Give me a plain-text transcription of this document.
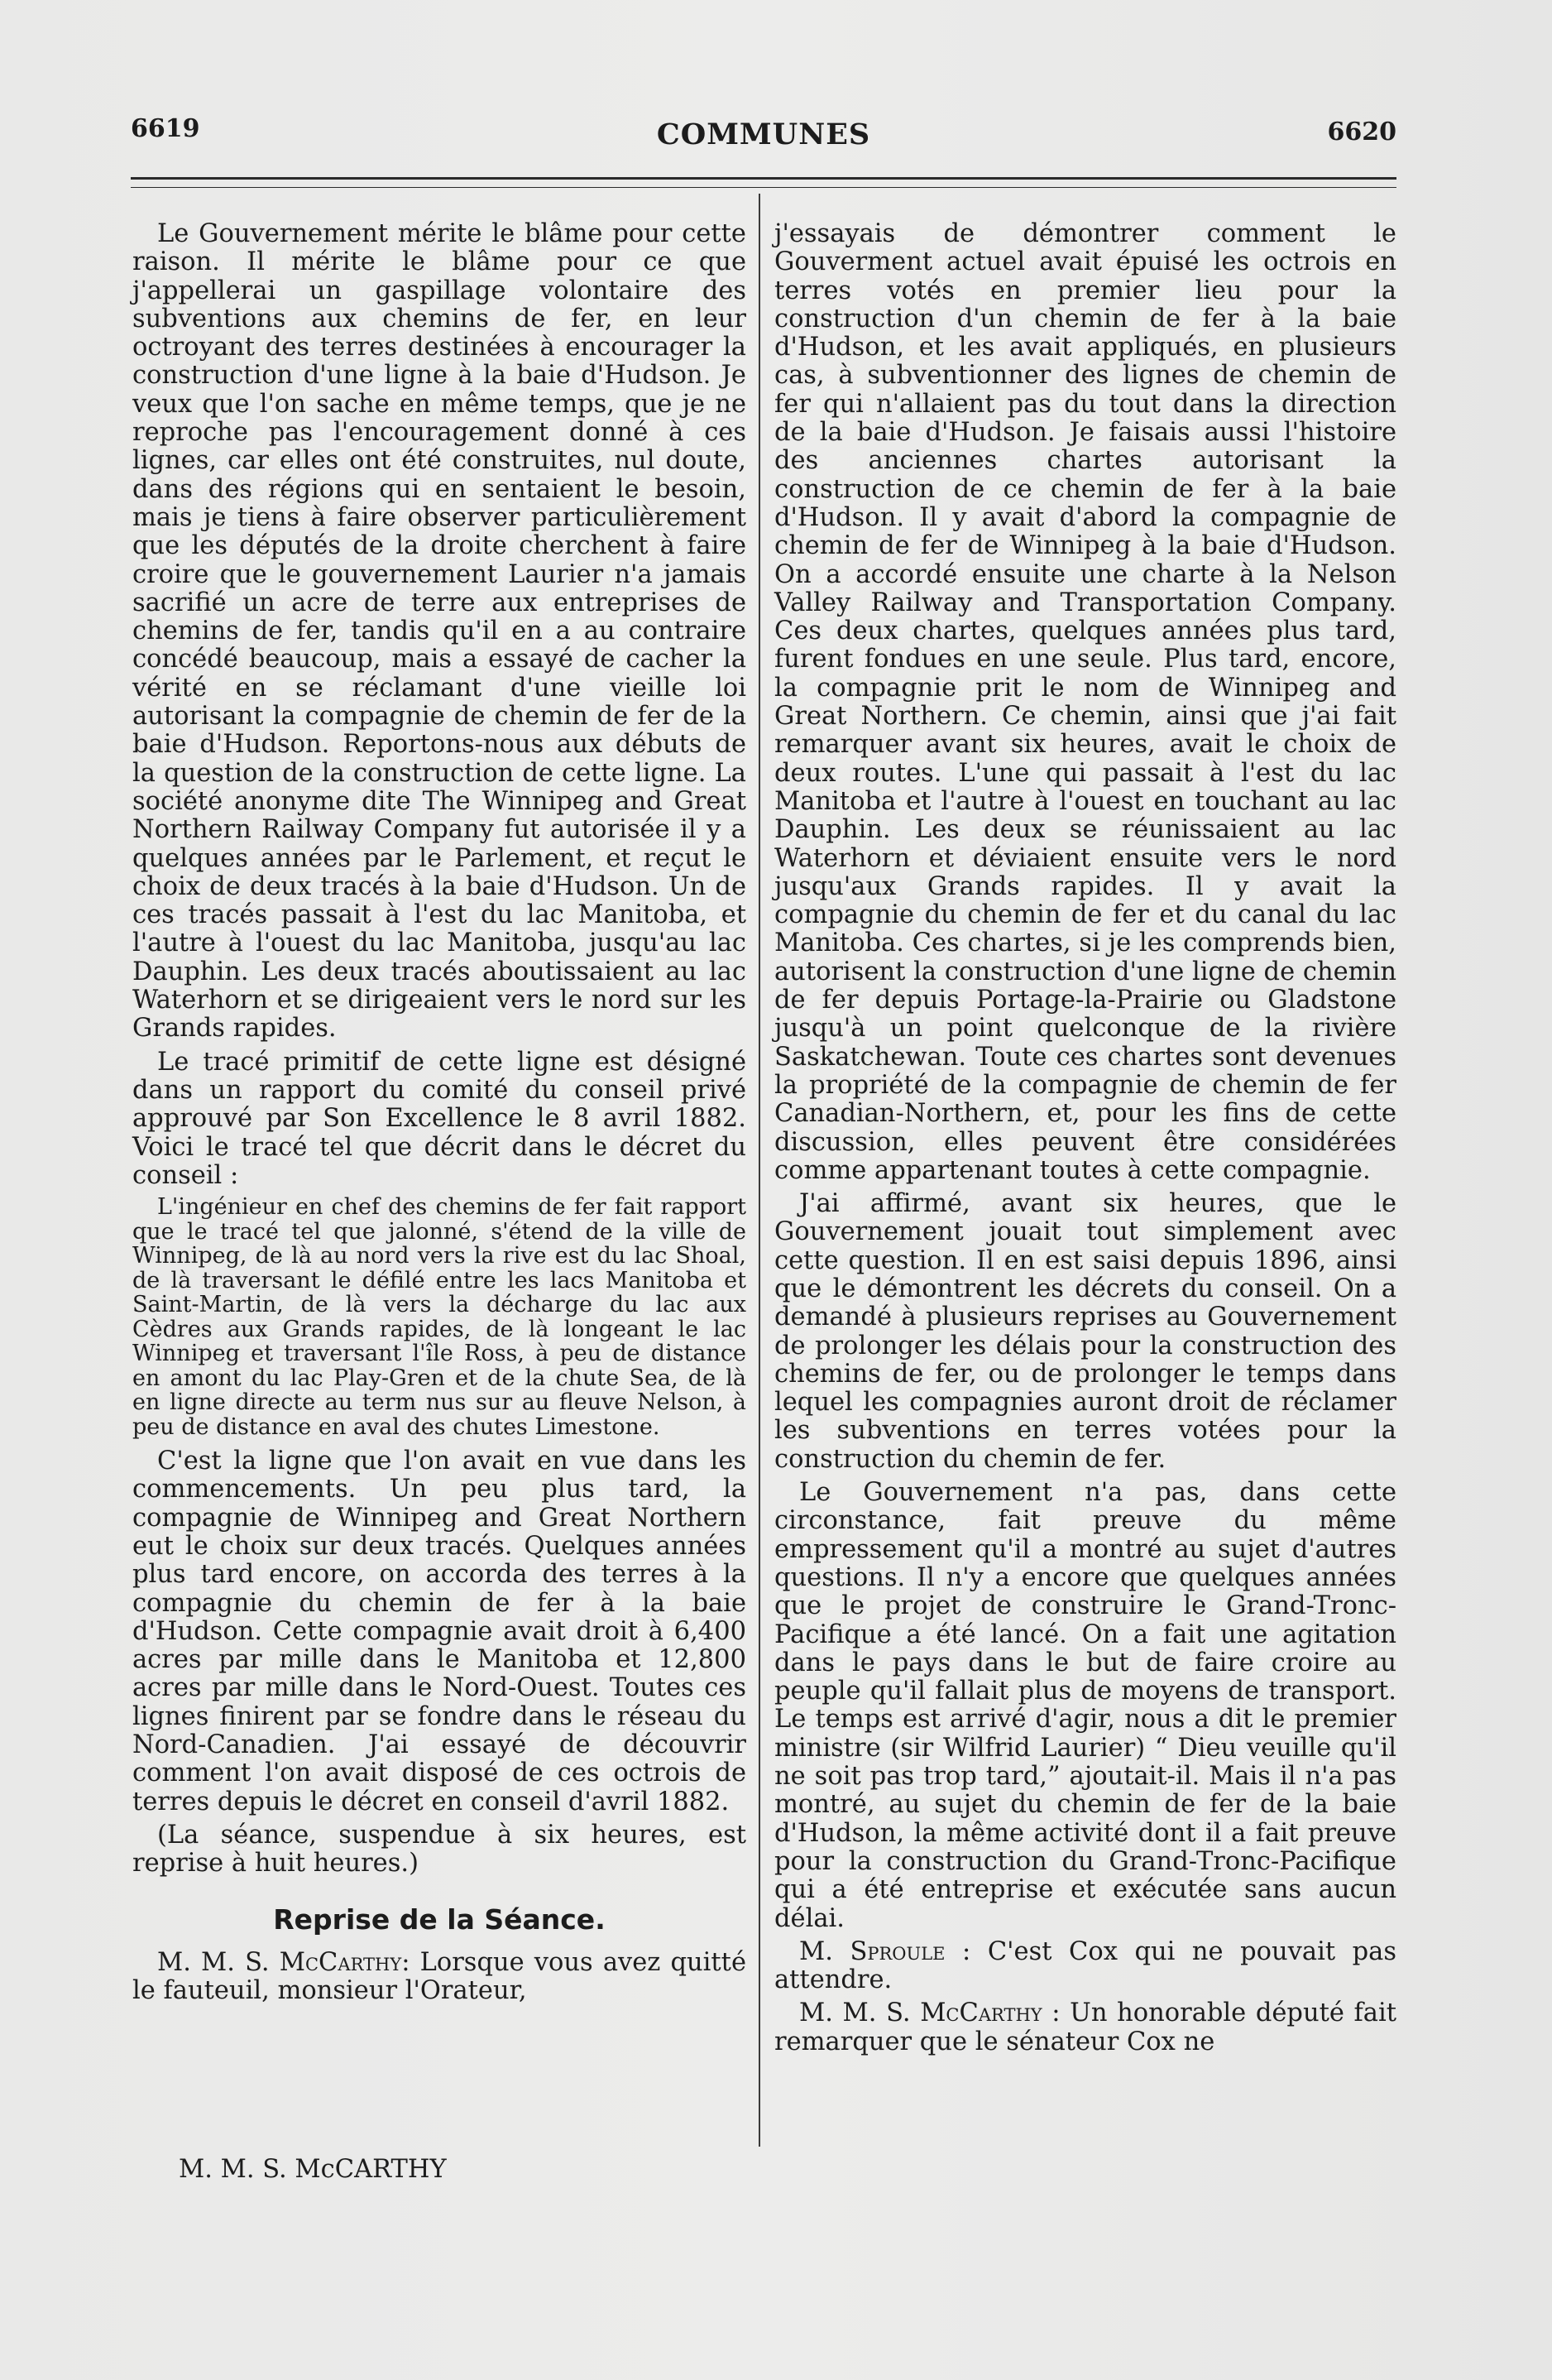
6619	COMMUNES	6620

Le Gouvernement mérite le blâme pour cette raison. Il mérite le blâme pour ce que j'appellerai un gaspillage volontaire des subventions aux chemins de fer, en leur octroyant des terres destinées à encourager la construction d'une ligne à la baie d'Hudson. Je veux que l'on sache en même temps, que je ne reproche pas l'encouragement donné à ces lignes, car elles ont été construites, nul doute, dans des régions qui en sentaient le besoin, mais je tiens à faire observer particulièrement que les députés de la droite cherchent à faire croire que le gouvernement Laurier n'a jamais sacrifié un acre de terre aux entreprises de chemins de fer, tandis qu'il en a au contraire concédé beaucoup, mais a essayé de cacher la vérité en se réclamant d'une vieille loi autorisant la compagnie de chemin de fer de la baie d'Hudson. Reportons-nous aux débuts de la question de la construction de cette ligne. La société anonyme dite The Winnipeg and Great Northern Railway Company fut autorisée il y a quelques années par le Parlement, et reçut le choix de deux tracés à la baie d'Hudson. Un de ces tracés passait à l'est du lac Manitoba, et l'autre à l'ouest du lac Manitoba, jusqu'au lac Dauphin. Les deux tracés aboutissaient au lac Waterhorn et se dirigeaient vers le nord sur les Grands rapides.

Le tracé primitif de cette ligne est désigné dans un rapport du comité du conseil privé approuvé par Son Excellence le 8 avril 1882. Voici le tracé tel que décrit dans le décret du conseil :

L'ingénieur en chef des chemins de fer fait rapport que le tracé tel que jalonné, s'étend de la ville de Winnipeg, de là au nord vers la rive est du lac Shoal, de là traversant le défilé entre les lacs Manitoba et Saint-Martin, de là vers la décharge du lac aux Cèdres aux Grands rapides, de là longeant le lac Winnipeg et traversant l'île Ross, à peu de distance en amont du lac Play-Gren et de la chute Sea, de là en ligne directe au term nus sur au fleuve Nelson, à peu de distance en aval des chutes Limestone.

C'est la ligne que l'on avait en vue dans les commencements. Un peu plus tard, la compagnie de Winnipeg and Great Northern eut le choix sur deux tracés. Quelques années plus tard encore, on accorda des terres à la compagnie du chemin de fer à la baie d'Hudson. Cette compagnie avait droit à 6,400 acres par mille dans le Manitoba et 12,800 acres par mille dans le Nord-Ouest. Toutes ces lignes finirent par se fondre dans le réseau du Nord-Canadien. J'ai essayé de découvrir comment l'on avait disposé de ces octrois de terres depuis le décret en conseil d'avril 1882.

(La séance, suspendue à six heures, est reprise à huit heures.)

Reprise de la Séance.

M. M. S. McCarthy: Lorsque vous avez quitté le fauteuil, monsieur l'Orateur,

M. M. S. McCARTHY

j'essayais de démontrer comment le Gouverment actuel avait épuisé les octrois en terres votés en premier lieu pour la construction d'un chemin de fer à la baie d'Hudson, et les avait appliqués, en plusieurs cas, à subventionner des lignes de chemin de fer qui n'allaient pas du tout dans la direction de la baie d'Hudson. Je faisais aussi l'histoire des anciennes chartes autorisant la construction de ce chemin de fer à la baie d'Hudson. Il y avait d'abord la compagnie de chemin de fer de Winnipeg à la baie d'Hudson. On a accordé ensuite une charte à la Nelson Valley Railway and Transportation Company. Ces deux chartes, quelques années plus tard, furent fondues en une seule. Plus tard, encore, la compagnie prit le nom de Winnipeg and Great Northern. Ce chemin, ainsi que j'ai fait remarquer avant six heures, avait le choix de deux routes. L'une qui passait à l'est du lac Manitoba et l'autre à l'ouest en touchant au lac Dauphin. Les deux se réunissaient au lac Waterhorn et déviaient ensuite vers le nord jusqu'aux Grands rapides. Il y avait la compagnie du chemin de fer et du canal du lac Manitoba. Ces chartes, si je les comprends bien, autorisent la construction d'une ligne de chemin de fer depuis Portage-la-Prairie ou Gladstone jusqu'à un point quelconque de la rivière Saskatchewan. Toute ces chartes sont devenues la propriété de la compagnie de chemin de fer Canadian-Northern, et, pour les fins de cette discussion, elles peuvent être considérées comme appartenant toutes à cette compagnie.

J'ai affirmé, avant six heures, que le Gouvernement jouait tout simplement avec cette question. Il en est saisi depuis 1896, ainsi que le démontrent les décrets du conseil. On a demandé à plusieurs reprises au Gouvernement de prolonger les délais pour la construction des chemins de fer, ou de prolonger le temps dans lequel les compagnies auront droit de réclamer les subventions en terres votées pour la construction du chemin de fer.

Le Gouvernement n'a pas, dans cette circonstance, fait preuve du même empressement qu'il a montré au sujet d'autres questions. Il n'y a encore que quelques années que le projet de construire le Grand-Tronc-Pacifique a été lancé. On a fait une agitation dans le pays dans le but de faire croire au peuple qu'il fallait plus de moyens de transport. Le temps est arrivé d'agir, nous a dit le premier ministre (sir Wilfrid Laurier) “ Dieu veuille qu'il ne soit pas trop tard,” ajoutait-il. Mais il n'a pas montré, au sujet du chemin de fer de la baie d'Hudson, la même activité dont il a fait preuve pour la construction du Grand-Tronc-Pacifique qui a été entreprise et exécutée sans aucun délai.

M. Sproule : C'est Cox qui ne pouvait pas attendre.

M. M. S. McCarthy : Un honorable député fait remarquer que le sénateur Cox ne
